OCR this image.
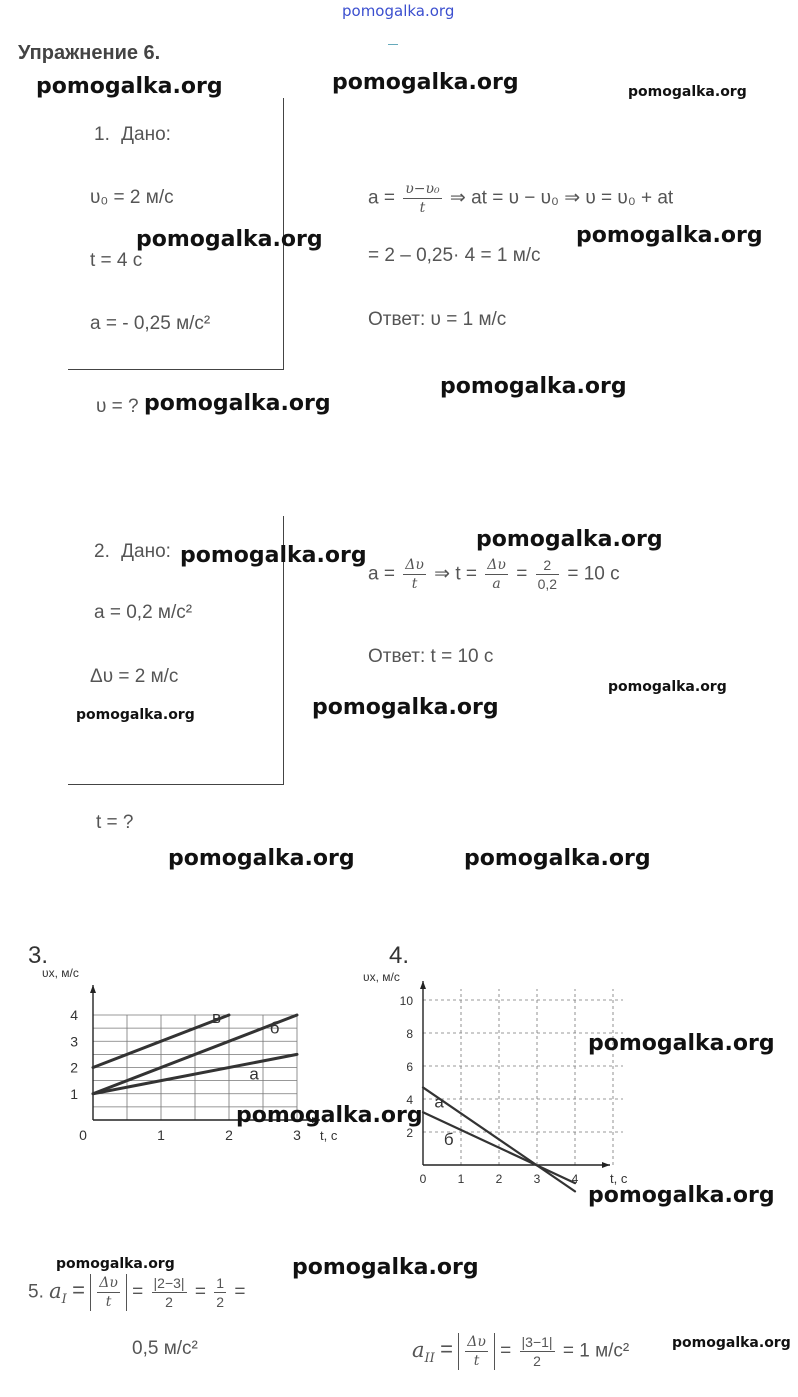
pomogalka.org
Упражнение 6.
1. Дано:
υ₀ = 2 м/с
t = 4 с
a = - 0,25 м/с²
υ = ?
$a = \frac{\text{υ−υ₀}}{t}$ ⇒ at = υ − υ₀ ⇒ υ = υ₀ + at
= 2 – 0,25· 4 = 1 м/с
Ответ: υ = 1 м/с
2. Дано:
a = 0,2 м/с²
Δυ = 2 м/с
t = ?
$a = \frac{\Delta\upsilon}{t}$ ⇒ $t = \frac{\Delta\upsilon}{a} = \frac{2}{0,2} = 10$ с
Ответ: t = 10 с
3.
0	1	2	3
1
2
3
4
t, с
υx, м/с
в
б
а
4.
0	1	2	3	4
2
4
6
8
10
t, с
υx, м/с
а
б
5. $a_I = \frac{\Delta\upsilon}{t} = \frac{|2-3|}{2} = \frac{1}{2}$ =
0,5 м/с²	$a_{II} = \frac{\Delta\upsilon}{t} = \frac{|3-1|}{2} = 1$ м/с²
pomogalka.org	pomogalka.org	pomogalka.org
pomogalka.org	pomogalka.org
pomogalka.org
pomogalka.org
pomogalka.org
pomogalka.org
pomogalka.org
pomogalka.org
pomogalka.org
pomogalka.org	pomogalka.org
pomogalka.org
pomogalka.org
pomogalka.org
pomogalka.org	pomogalka.org
pomogalka.org
